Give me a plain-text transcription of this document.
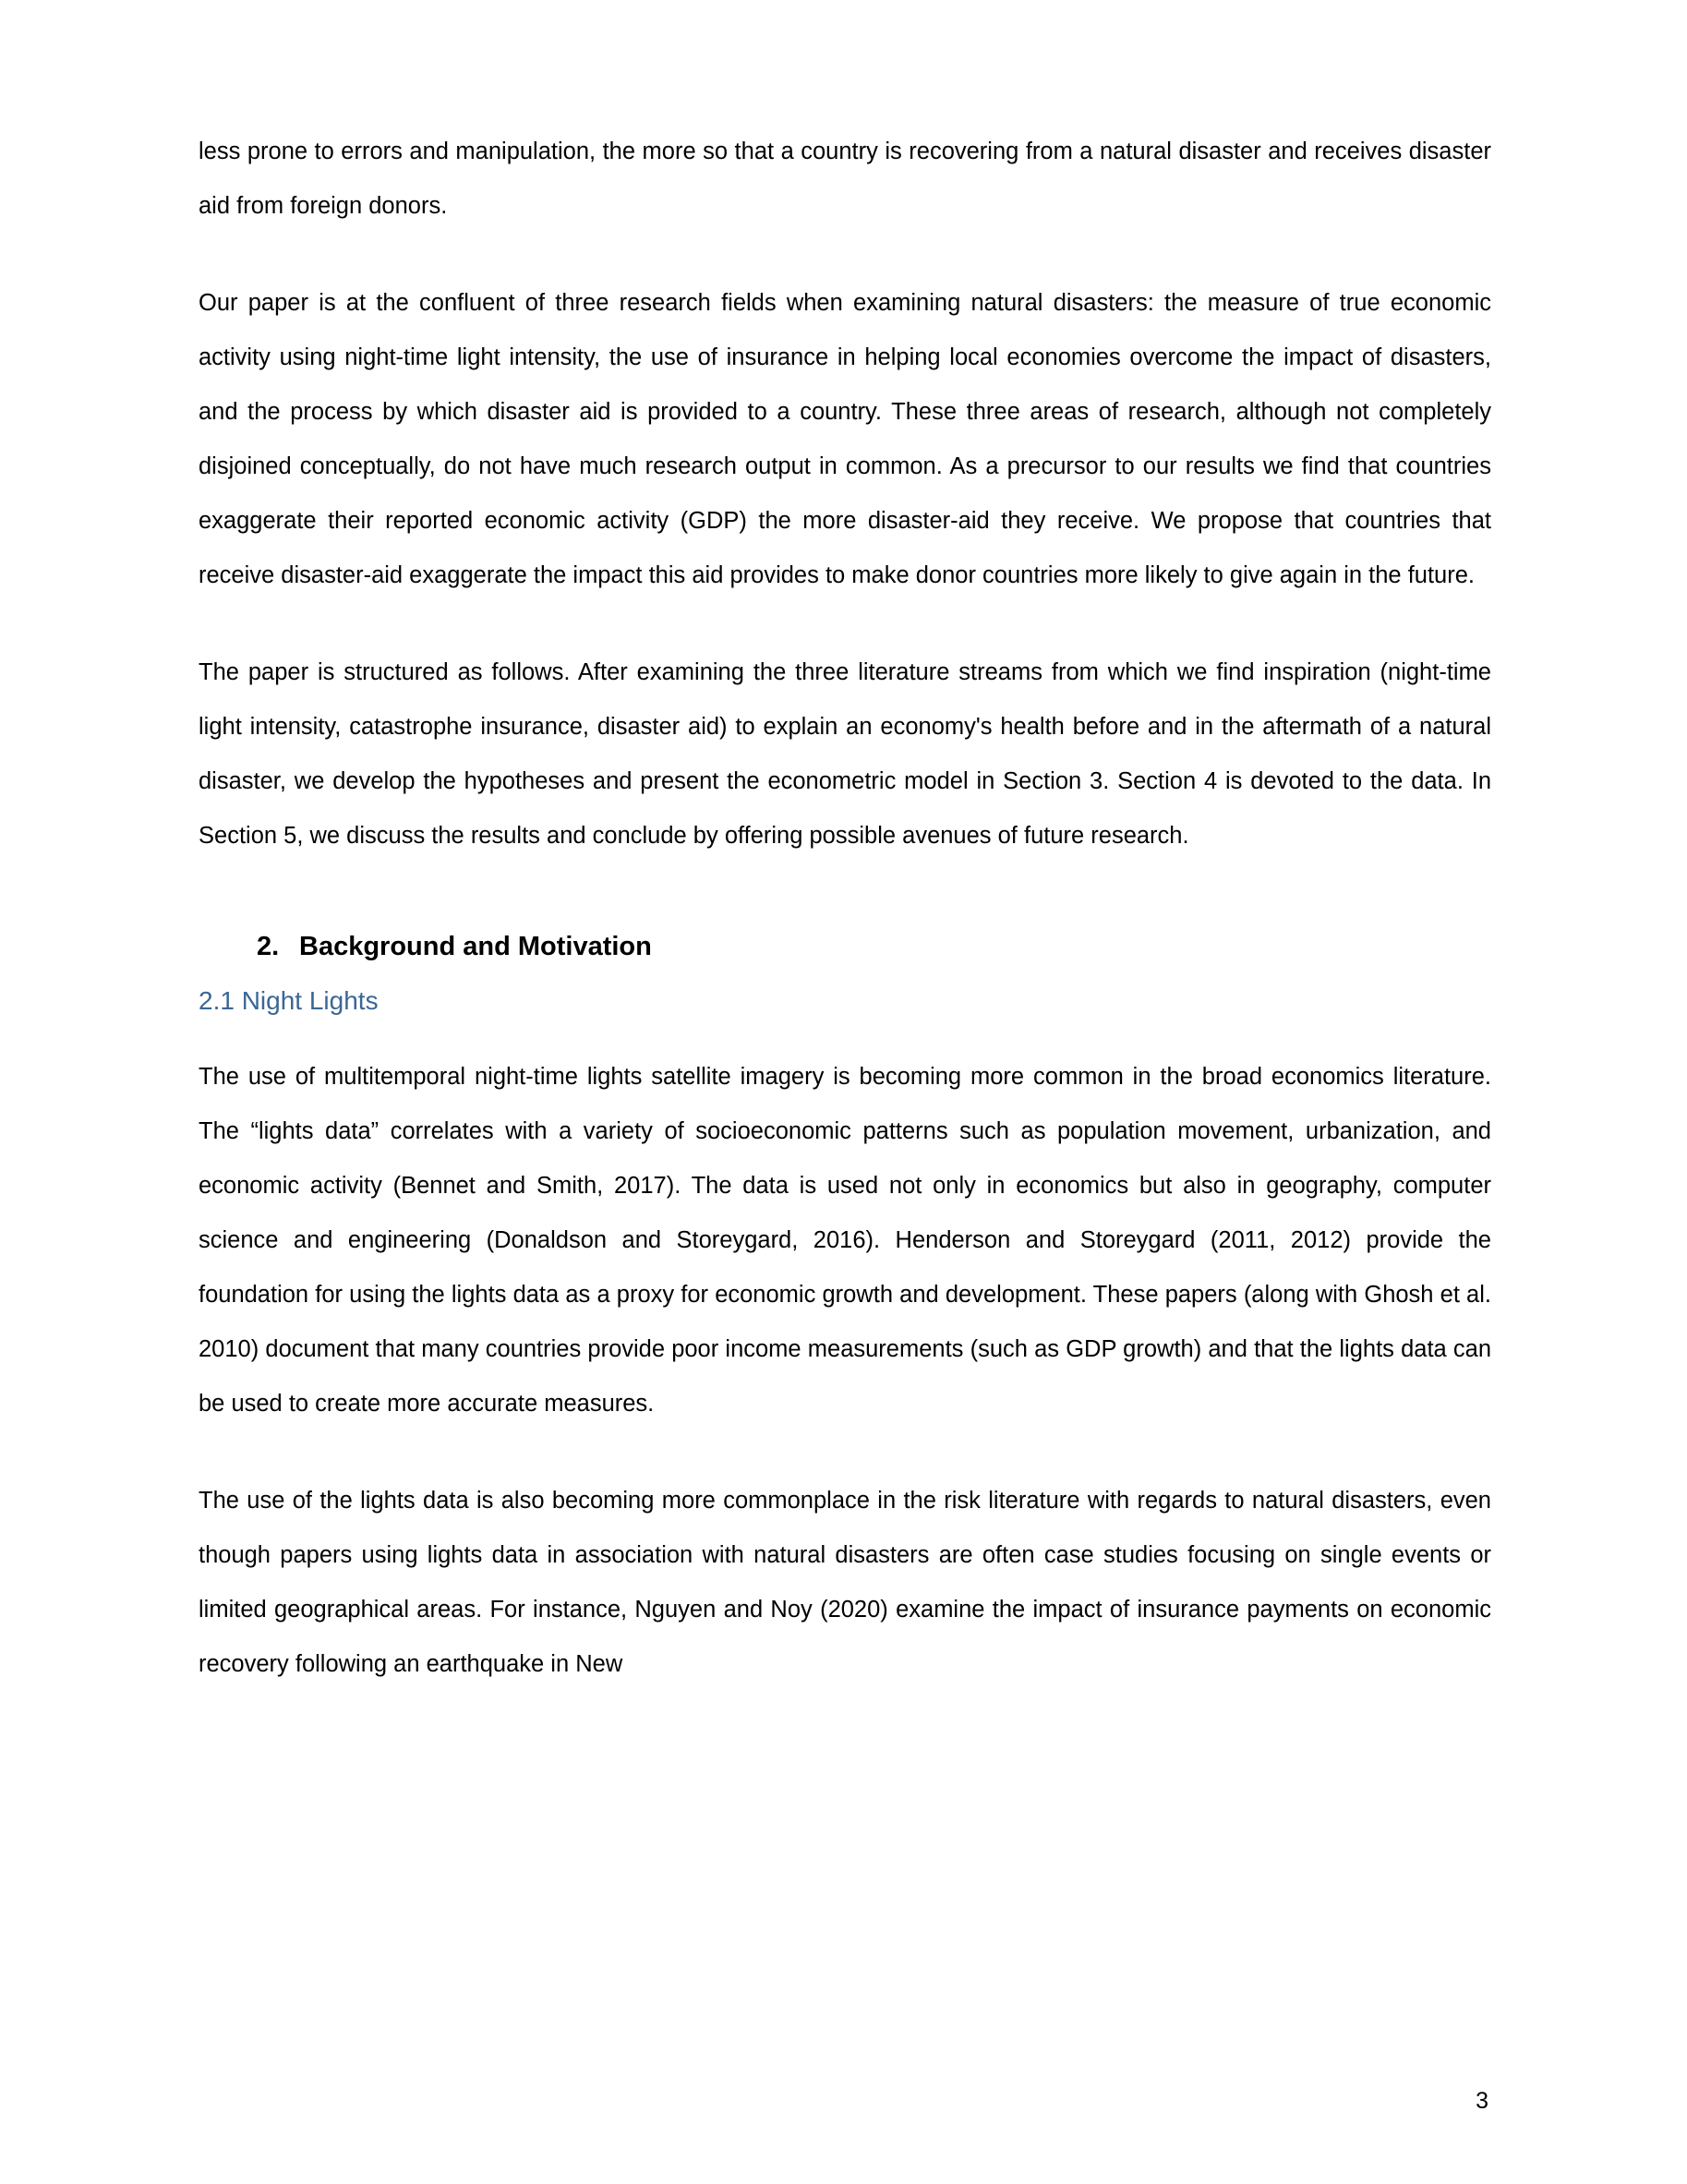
less prone to errors and manipulation, the more so that a country is recovering from a natural disaster and receives disaster aid from foreign donors.

Our paper is at the confluent of three research fields when examining natural disasters: the measure of true economic activity using night-time light intensity, the use of insurance in helping local economies overcome the impact of disasters, and the process by which disaster aid is provided to a country. These three areas of research, although not completely disjoined conceptually, do not have much research output in common. As a precursor to our results we find that countries exaggerate their reported economic activity (GDP) the more disaster-aid they receive. We propose that countries that receive disaster-aid exaggerate the impact this aid provides to make donor countries more likely to give again in the future.

The paper is structured as follows. After examining the three literature streams from which we find inspiration (night-time light intensity, catastrophe insurance, disaster aid) to explain an economy's health before and in the aftermath of a natural disaster, we develop the hypotheses and present the econometric model in Section 3. Section 4 is devoted to the data. In Section 5, we discuss the results and conclude by offering possible avenues of future research.

2. Background and Motivation
2.1 Night Lights

The use of multitemporal night-time lights satellite imagery is becoming more common in the broad economics literature. The “lights data” correlates with a variety of socioeconomic patterns such as population movement, urbanization, and economic activity (Bennet and Smith, 2017). The data is used not only in economics but also in geography, computer science and engineering (Donaldson and Storeygard, 2016). Henderson and Storeygard (2011, 2012) provide the foundation for using the lights data as a proxy for economic growth and development. These papers (along with Ghosh et al. 2010) document that many countries provide poor income measurements (such as GDP growth) and that the lights data can be used to create more accurate measures.

The use of the lights data is also becoming more commonplace in the risk literature with regards to natural disasters, even though papers using lights data in association with natural disasters are often case studies focusing on single events or limited geographical areas. For instance, Nguyen and Noy (2020) examine the impact of insurance payments on economic recovery following an earthquake in New

3
